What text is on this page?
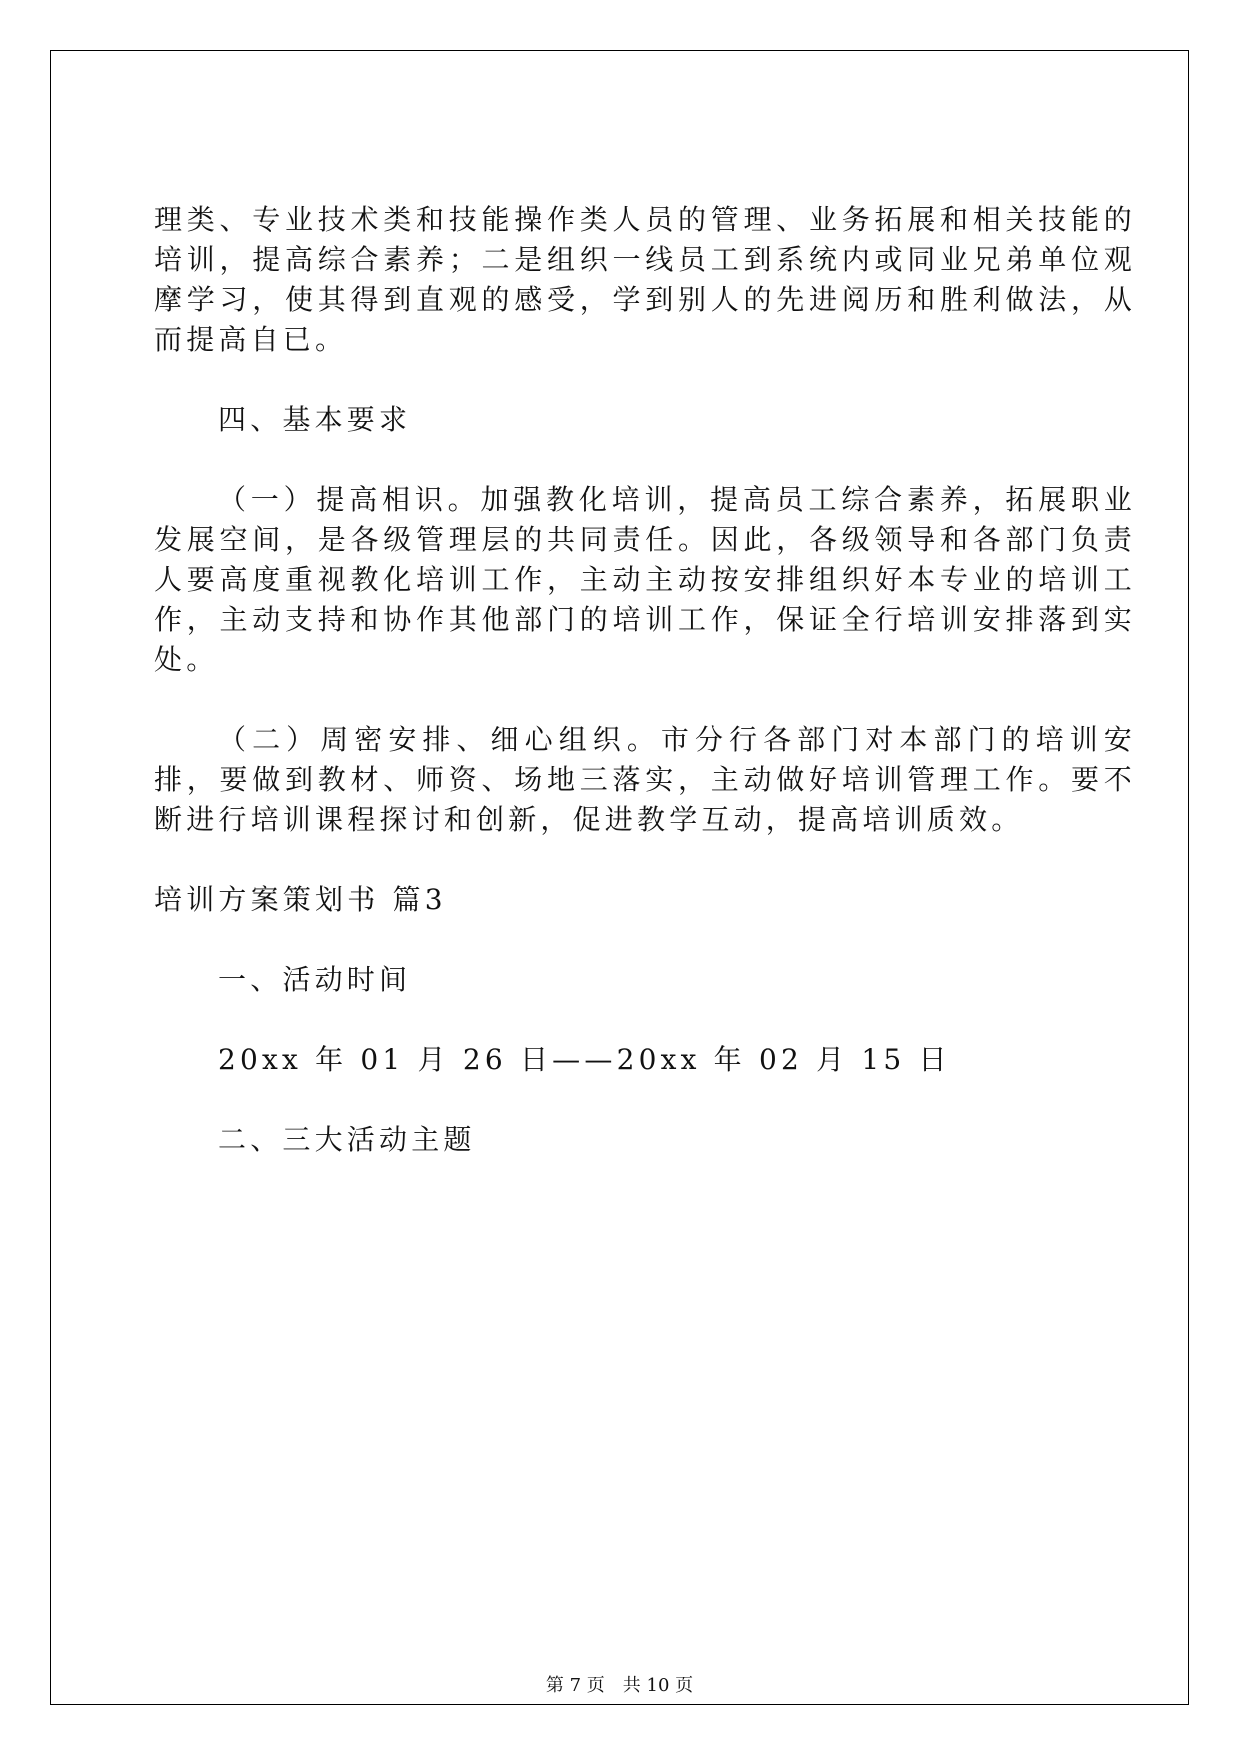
理类、专业技术类和技能操作类人员的管理、业务拓展和相关技能的培训，提高综合素养；二是组织一线员工到系统内或同业兄弟单位观摩学习，使其得到直观的感受，学到别人的先进阅历和胜利做法，从而提高自已。

四、基本要求

（一）提高相识。加强教化培训，提高员工综合素养，拓展职业发展空间，是各级管理层的共同责任。因此，各级领导和各部门负责人要高度重视教化培训工作，主动主动按安排组织好本专业的培训工作，主动支持和协作其他部门的培训工作，保证全行培训安排落到实处。

（二）周密安排、细心组织。市分行各部门对本部门的培训安排，要做到教材、师资、场地三落实，主动做好培训管理工作。要不断进行培训课程探讨和创新，促进教学互动，提高培训质效。

培训方案策划书 篇3

一、活动时间

20xx 年 01 月 26 日——20xx 年 02 月 15 日

二、三大活动主题

第 7 页 共 10 页
